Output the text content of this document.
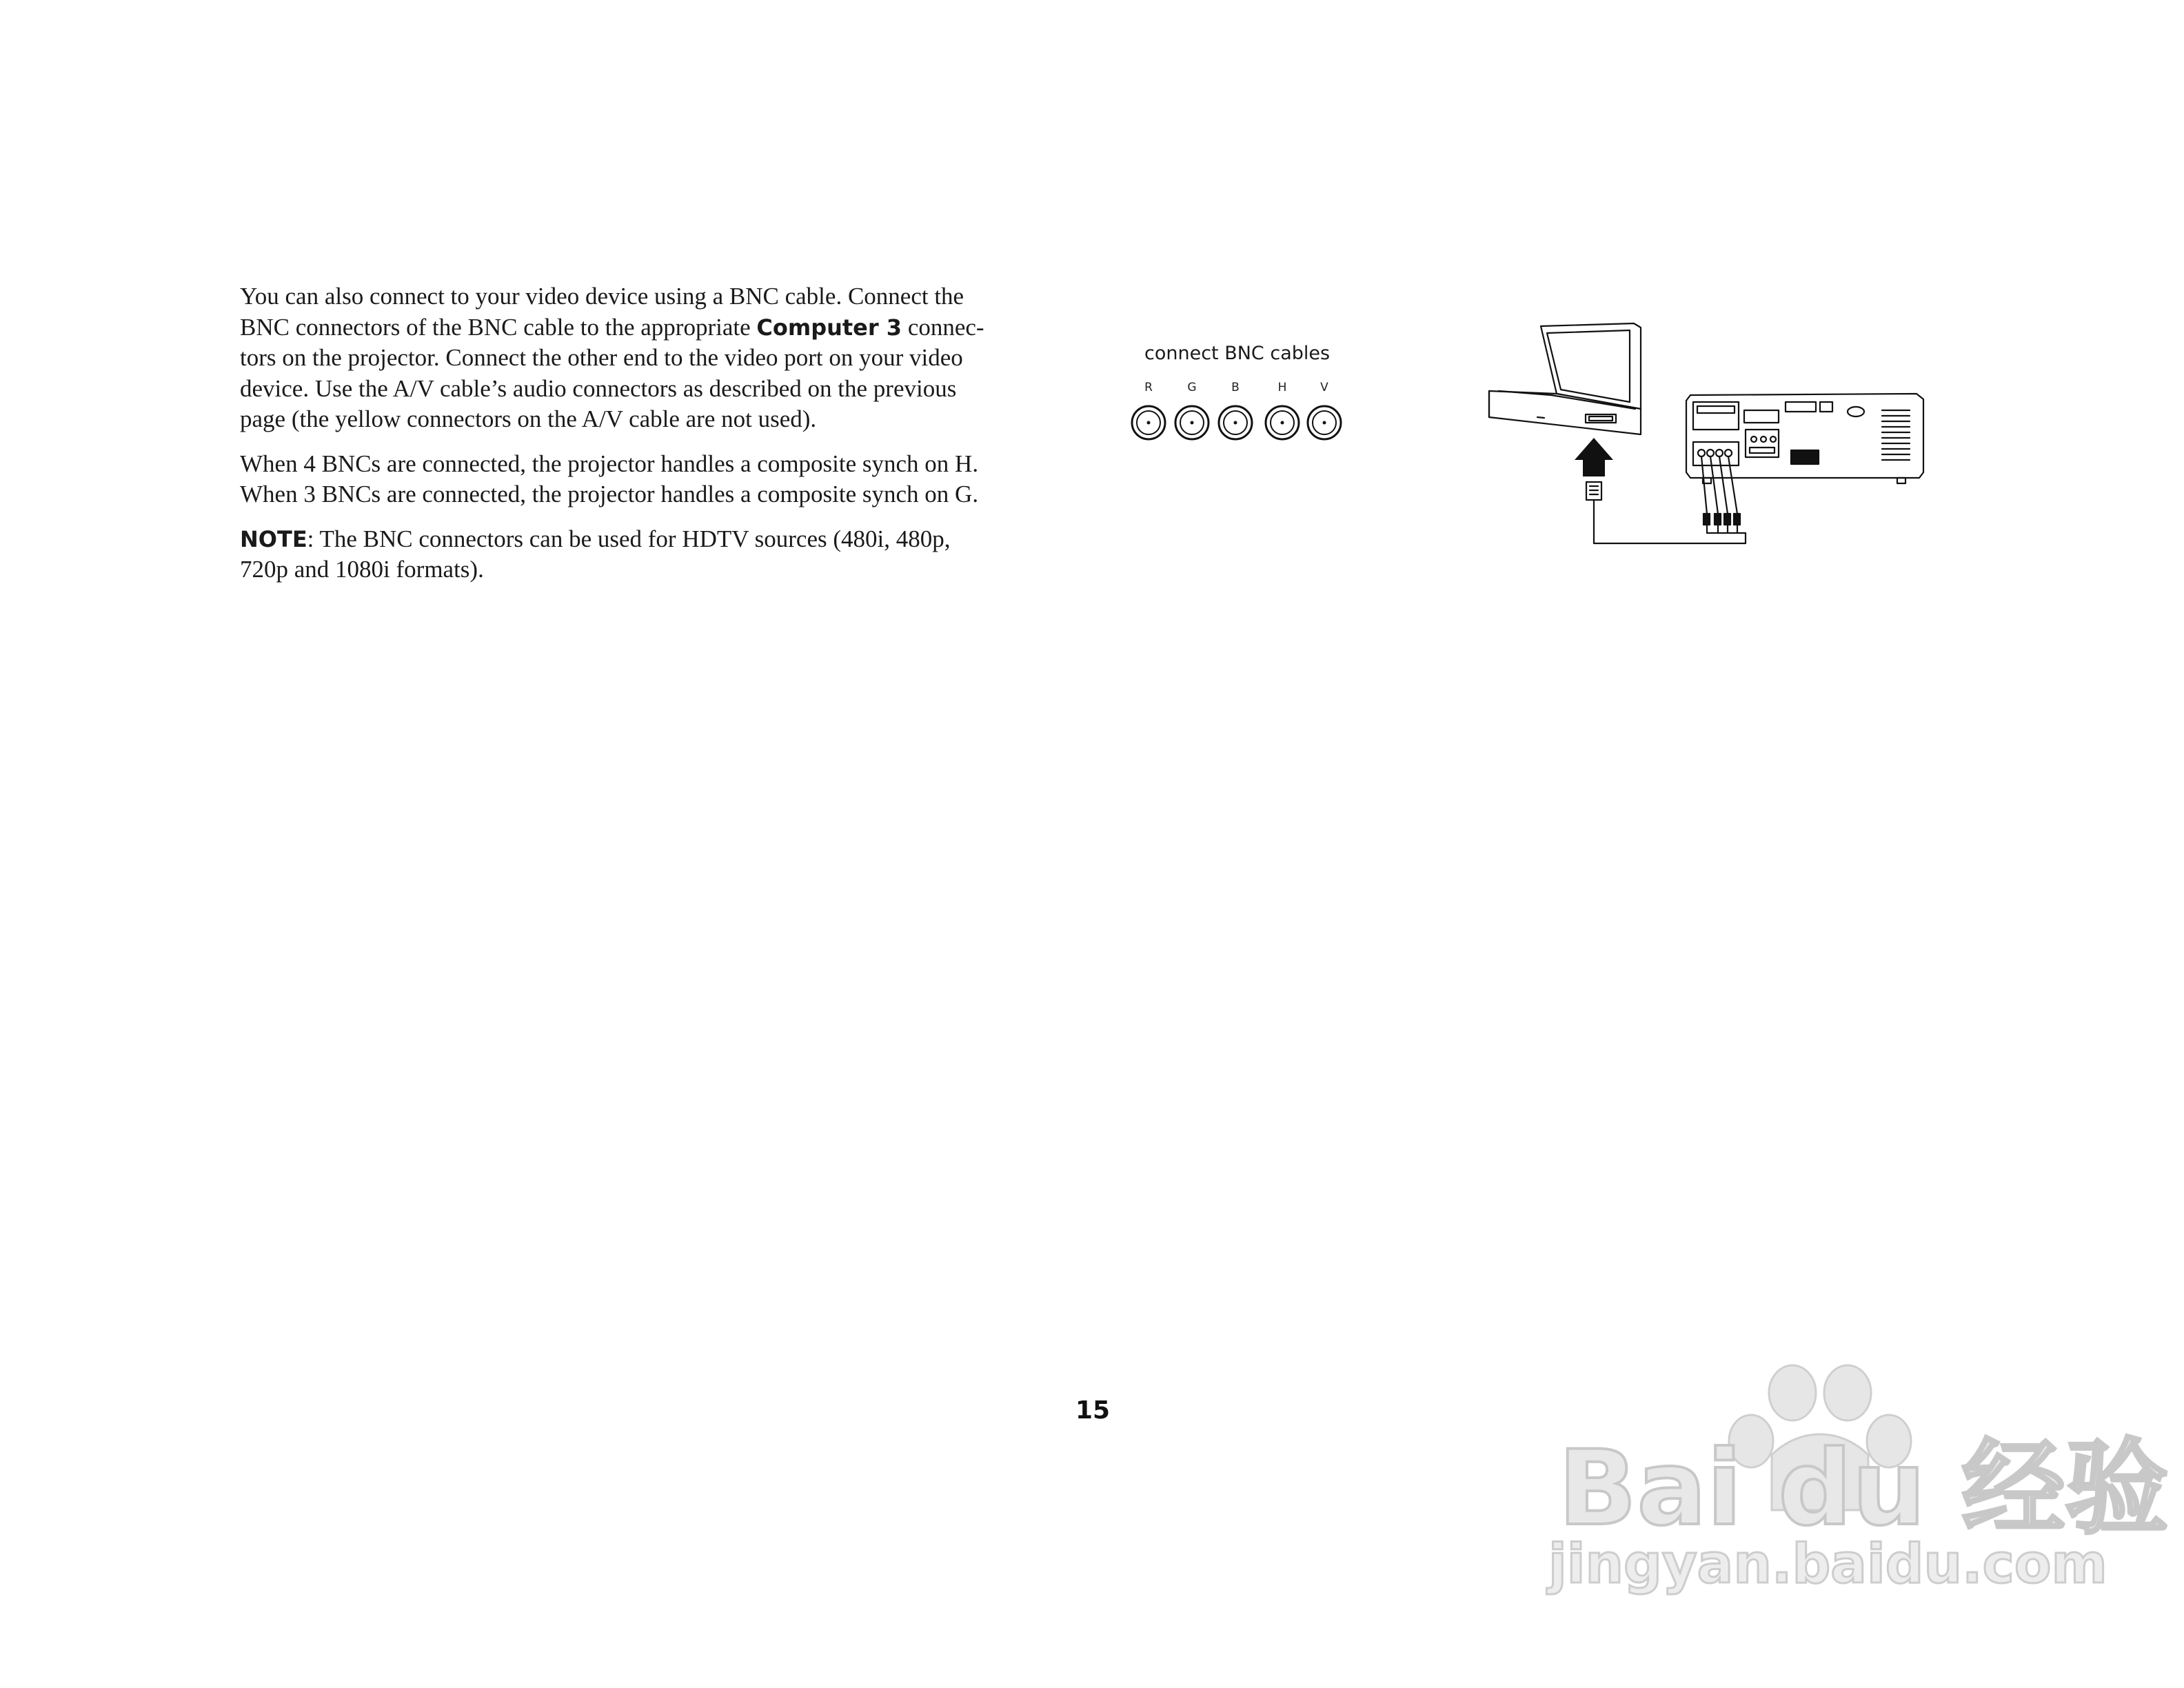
You can also connect to your video device using a BNC cable. Connect the
BNC connectors of the BNC cable to the appropriate Computer 3 connec-
tors on the projector. Connect the other end to the video port on your video
device. Use the A/V cable’s audio connectors as described on the previous
page (the yellow connectors on the A/V cable are not used).

When 4 BNCs are connected, the projector handles a composite synch on H.
When 3 BNCs are connected, the projector handles a composite synch on G.

NOTE: The BNC connectors can be used for HDTV sources (480i, 480p,
720p and 1080i formats).

connect BNC cables
R	G	B	H	V
15
Bai du 经验
jingyan.baidu.com
